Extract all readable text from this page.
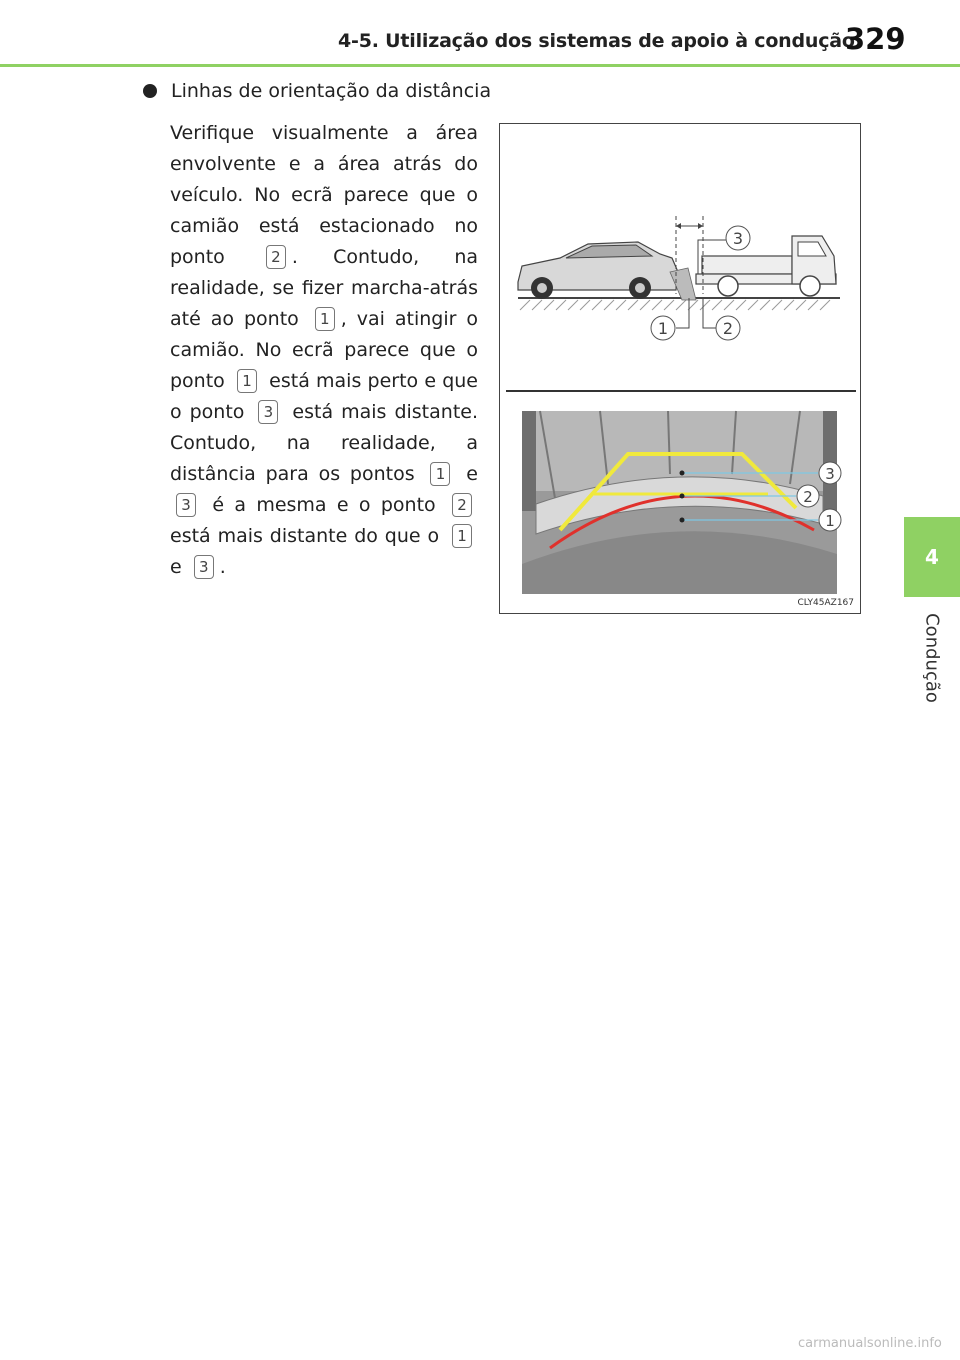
4-5. Utilização dos sistemas de apoio à condução
329
4
Condução
Linhas de orientação da distância
Verifique visualmente a área envolvente e a área atrás do veículo. No ecrã parece que o camião está estacionado no ponto 2 . Contudo, na realidade, se fizer marcha-atrás até ao ponto 1 , vai atingir o camião. No ecrã parece que o ponto 1 está mais perto e que o ponto 3 está mais distante. Contudo, na realidade, a distância para os pontos 1 e 3 é a mesma e o ponto 2 está mais distante do que o 1 e 3 .
3
1	2
3
2
1
CLY45AZ167
carmanualsonline.info
